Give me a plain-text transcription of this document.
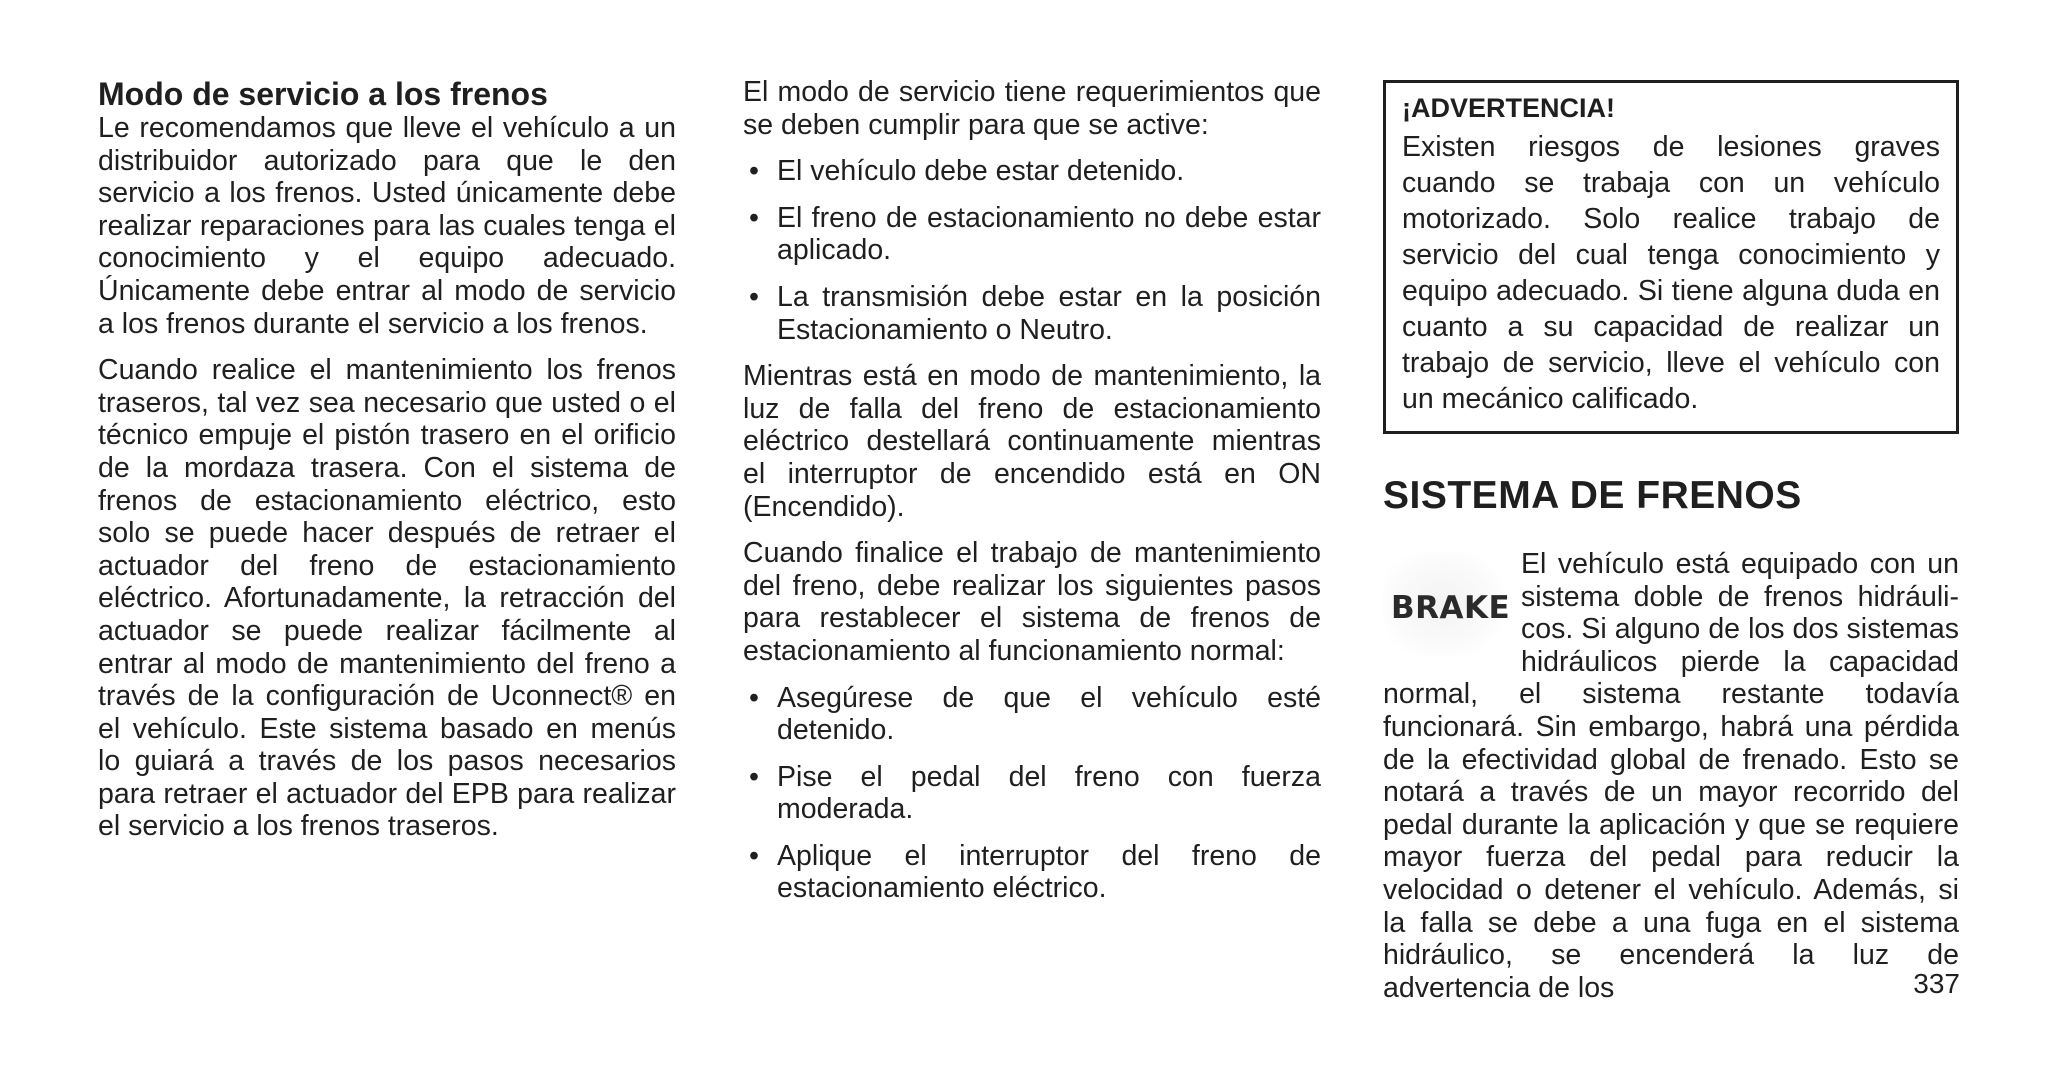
Modo de servicio a los frenos

Le recomendamos que lleve el vehículo a un distribuidor autorizado para que le den servicio a los frenos. Usted únicamente debe realizar reparaciones para las cuales tenga el conocimiento y el equipo adecuado. Únicamente debe entrar al modo de servicio a los frenos durante el servicio a los frenos.

Cuando realice el mantenimiento los frenos traseros, tal vez sea necesario que usted o el técnico empuje el pistón trasero en el orificio de la mordaza trasera. Con el sistema de frenos de estacionamiento eléctrico, esto solo se puede hacer después de retraer el actuador del freno de estacionamiento eléctrico. Afortunadamente, la retracción del actuador se puede realizar fácilmente al entrar al modo de mantenimiento del freno a través de la configuración de Uconnect® en el vehículo. Este sistema basado en menús lo guiará a través de los pasos necesarios para retraer el actuador del EPB para realizar el servicio a los frenos traseros.

El modo de servicio tiene requerimientos que se deben cumplir para que se active:

• El vehículo debe estar detenido.
• El freno de estacionamiento no debe estar aplicado.
• La transmisión debe estar en la posición Estacionamiento o Neutro.

Mientras está en modo de mantenimiento, la luz de falla del freno de estacionamiento eléctrico destellará continuamente mientras el interruptor de encendido está en ON (Encendido).

Cuando finalice el trabajo de mantenimiento del freno, debe realizar los siguientes pasos para restablecer el sistema de frenos de estacionamiento al funcionamiento normal:

• Asegúrese de que el vehículo esté detenido.
• Pise el pedal del freno con fuerza moderada.
• Aplique el interruptor del freno de estacionamiento eléctrico.
¡ADVERTENCIA!
Existen riesgos de lesiones graves cuando se trabaja con un vehículo motorizado. Solo realice trabajo de servicio del cual tenga conocimiento y equipo adecuado. Si tiene alguna duda en cuanto a su capacidad de realizar un trabajo de servicio, lleve el vehículo con un mecánico calificado.
SISTEMA DE FRENOS
BRAKE

El vehículo está equipado con un sistema doble de frenos hidráulicos. Si alguno de los dos sistemas hidráulicos pierde la capacidad normal, el sistema restante todavía funcionará. Sin embargo, habrá una pérdida de la efectividad global de frenado. Esto se notará a través de un mayor recorrido del pedal durante la aplicación y que se requiere mayor fuerza del pedal para reducir la velocidad o detener el vehículo. Además, si la falla se debe a una fuga en el sistema hidráulico, se encenderá la luz de advertencia de los	337
